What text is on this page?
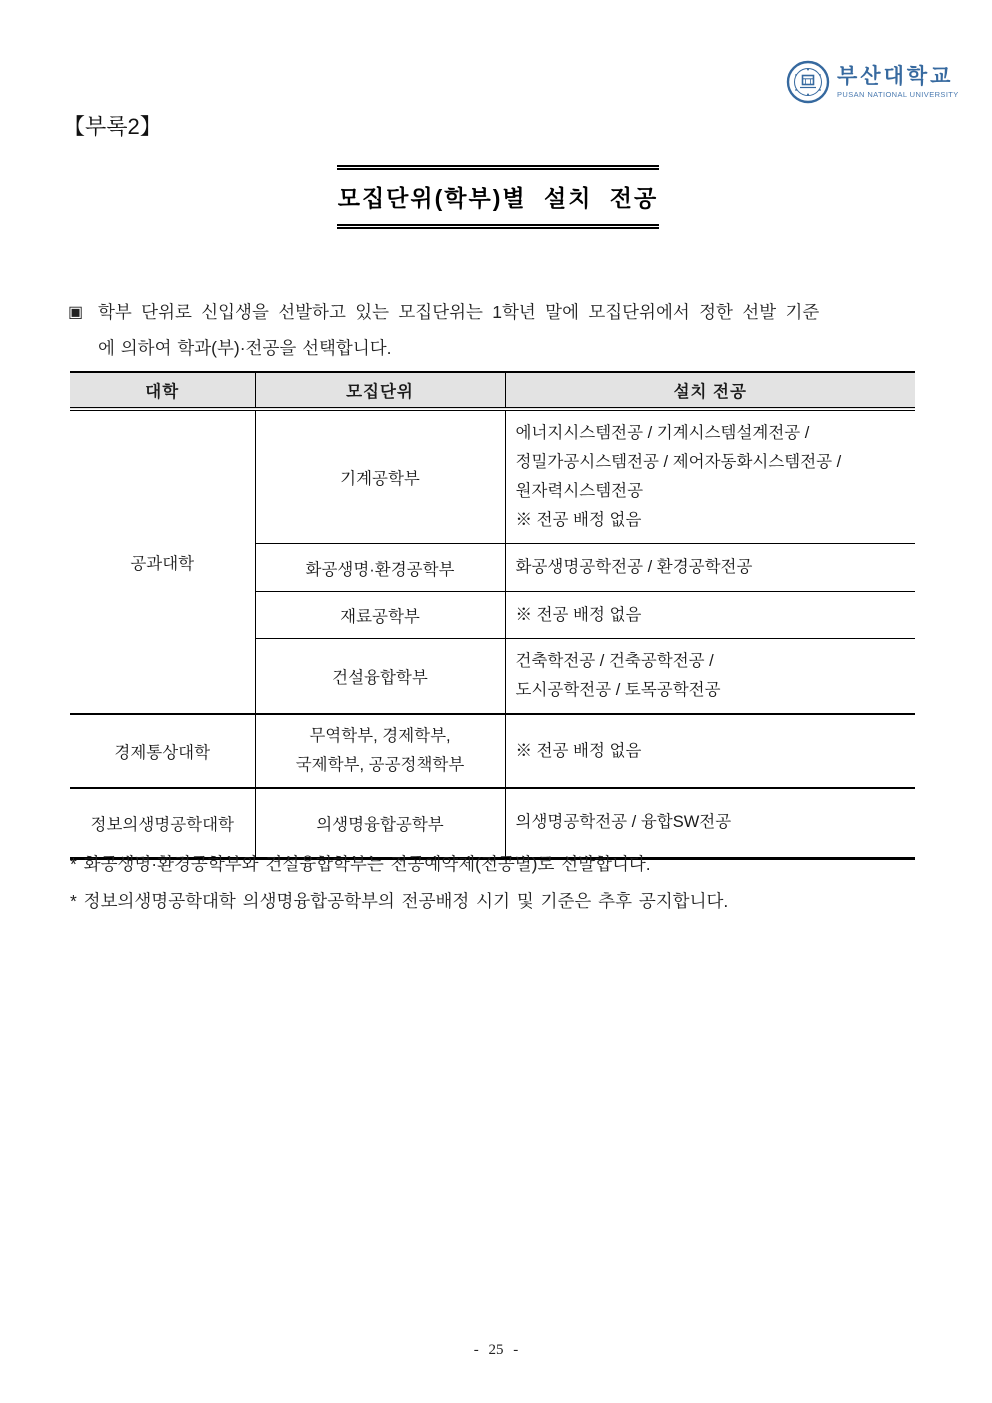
부산대학교
PUSAN NATIONAL UNIVERSITY
【부록2】
모집단위(학부)별 설치 전공
▣ 학부 단위로 신입생을 선발하고 있는 모집단위는 1학년 말에 모집단위에서 정한 선발 기준
에 의하여 학과(부)·전공을 선택합니다.
대학	모집단위	설치 전공
공과대학	기계공학부	에너지시스템전공 / 기계시스템설계전공 /
정밀가공시스템전공 / 제어자동화시스템전공 /
원자력시스템전공
※ 전공 배정 없음
	화공생명·환경공학부	화공생명공학전공 / 환경공학전공
	재료공학부	※ 전공 배정 없음
	건설융합학부	건축학전공 / 건축공학전공 /
도시공학전공 / 토목공학전공
경제통상대학	무역학부, 경제학부,
국제학부, 공공정책학부	※ 전공 배정 없음
정보의생명공학대학	의생명융합공학부	의생명공학전공 / 융합SW전공
* 화공생명·환경공학부와 건설융합학부는 전공예약제(전공별)로 선발합니다.
* 정보의생명공학대학 의생명융합공학부의 전공배정 시기 및 기준은 추후 공지합니다.
- 25 -
